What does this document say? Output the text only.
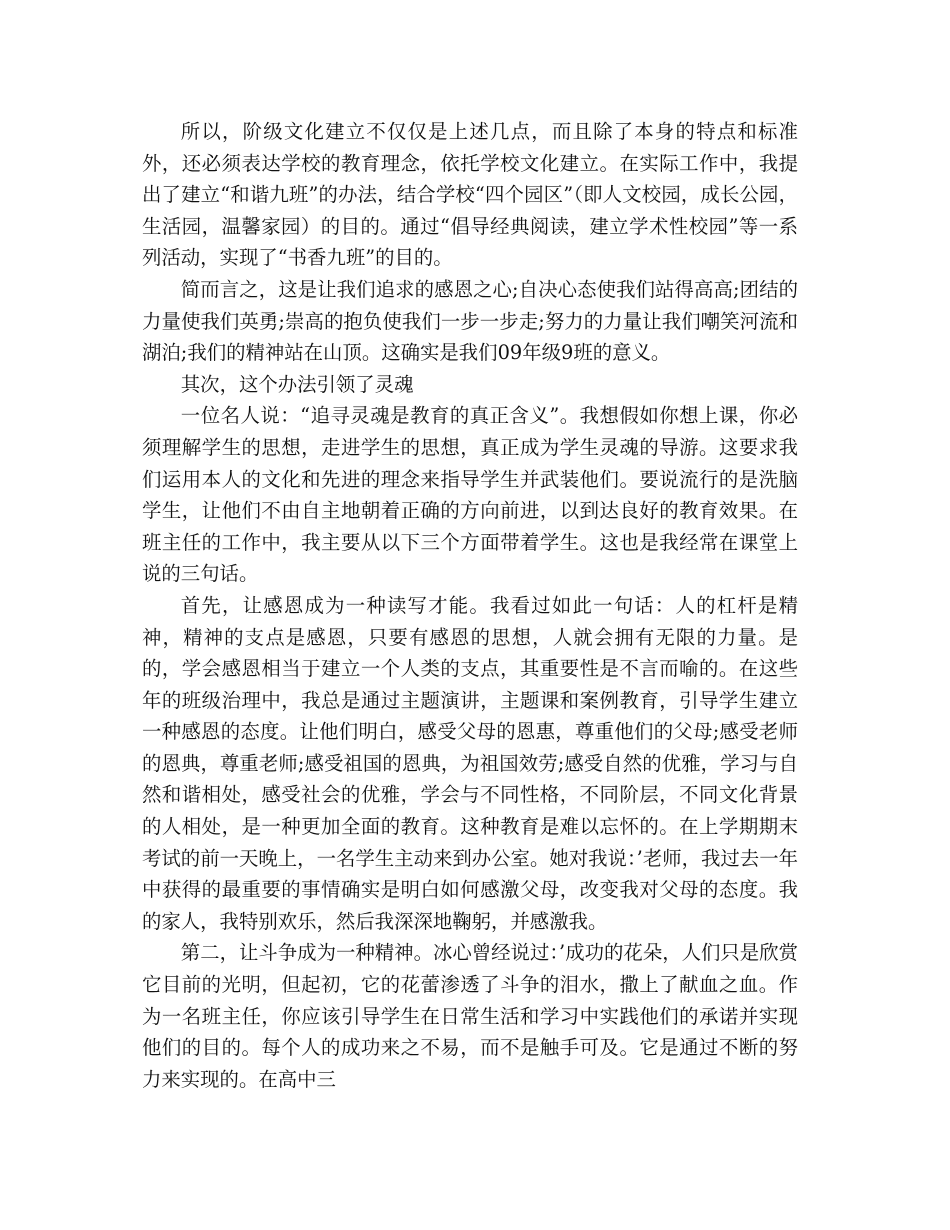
所以，阶级文化建立不仅仅是上述几点，而且除了本身的特点和标准外，还必须表达学校的教育理念，依托学校文化建立。在实际工作中，我提出了建立“和谐九班”的办法，结合学校“四个园区”（即人文校园，成长公园，生活园，温馨家园）的目的。通过“倡导经典阅读，建立学术性校园”等一系列活动，实现了“书香九班”的目的。

简而言之，这是让我们追求的感恩之心;自决心态使我们站得高高;团结的力量使我们英勇;崇高的抱负使我们一步一步走;努力的力量让我们嘲笑河流和湖泊;我们的精神站在山顶。这确实是我们09年级9班的意义。

其次，这个办法引领了灵魂

一位名人说：“追寻灵魂是教育的真正含义”。我想假如你想上课，你必须理解学生的思想，走进学生的思想，真正成为学生灵魂的导游。这要求我们运用本人的文化和先进的理念来指导学生并武装他们。要说流行的是洗脑学生，让他们不由自主地朝着正确的方向前进，以到达良好的教育效果。在班主任的工作中，我主要从以下三个方面带着学生。这也是我经常在课堂上说的三句话。

首先，让感恩成为一种读写才能。我看过如此一句话：人的杠杆是精神，精神的支点是感恩，只要有感恩的思想，人就会拥有无限的力量。是的，学会感恩相当于建立一个人类的支点，其重要性是不言而喻的。在这些年的班级治理中，我总是通过主题演讲，主题课和案例教育，引导学生建立一种感恩的态度。让他们明白，感受父母的恩惠，尊重他们的父母;感受老师的恩典，尊重老师;感受祖国的恩典，为祖国效劳;感受自然的优雅，学习与自然和谐相处，感受社会的优雅，学会与不同性格，不同阶层，不同文化背景的人相处，是一种更加全面的教育。这种教育是难以忘怀的。在上学期期末考试的前一天晚上，一名学生主动来到办公室。她对我说：’老师，我过去一年中获得的最重要的事情确实是明白如何感激父母，改变我对父母的态度。我的家人，我特别欢乐，然后我深深地鞠躬，并感激我。

第二，让斗争成为一种精神。冰心曾经说过：’成功的花朵，人们只是欣赏它目前的光明，但起初，它的花蕾渗透了斗争的泪水，撒上了献血之血。作为一名班主任，你应该引导学生在日常生活和学习中实践他们的承诺并实现他们的目的。每个人的成功来之不易，而不是触手可及。它是通过不断的努力来实现的。在高中三
